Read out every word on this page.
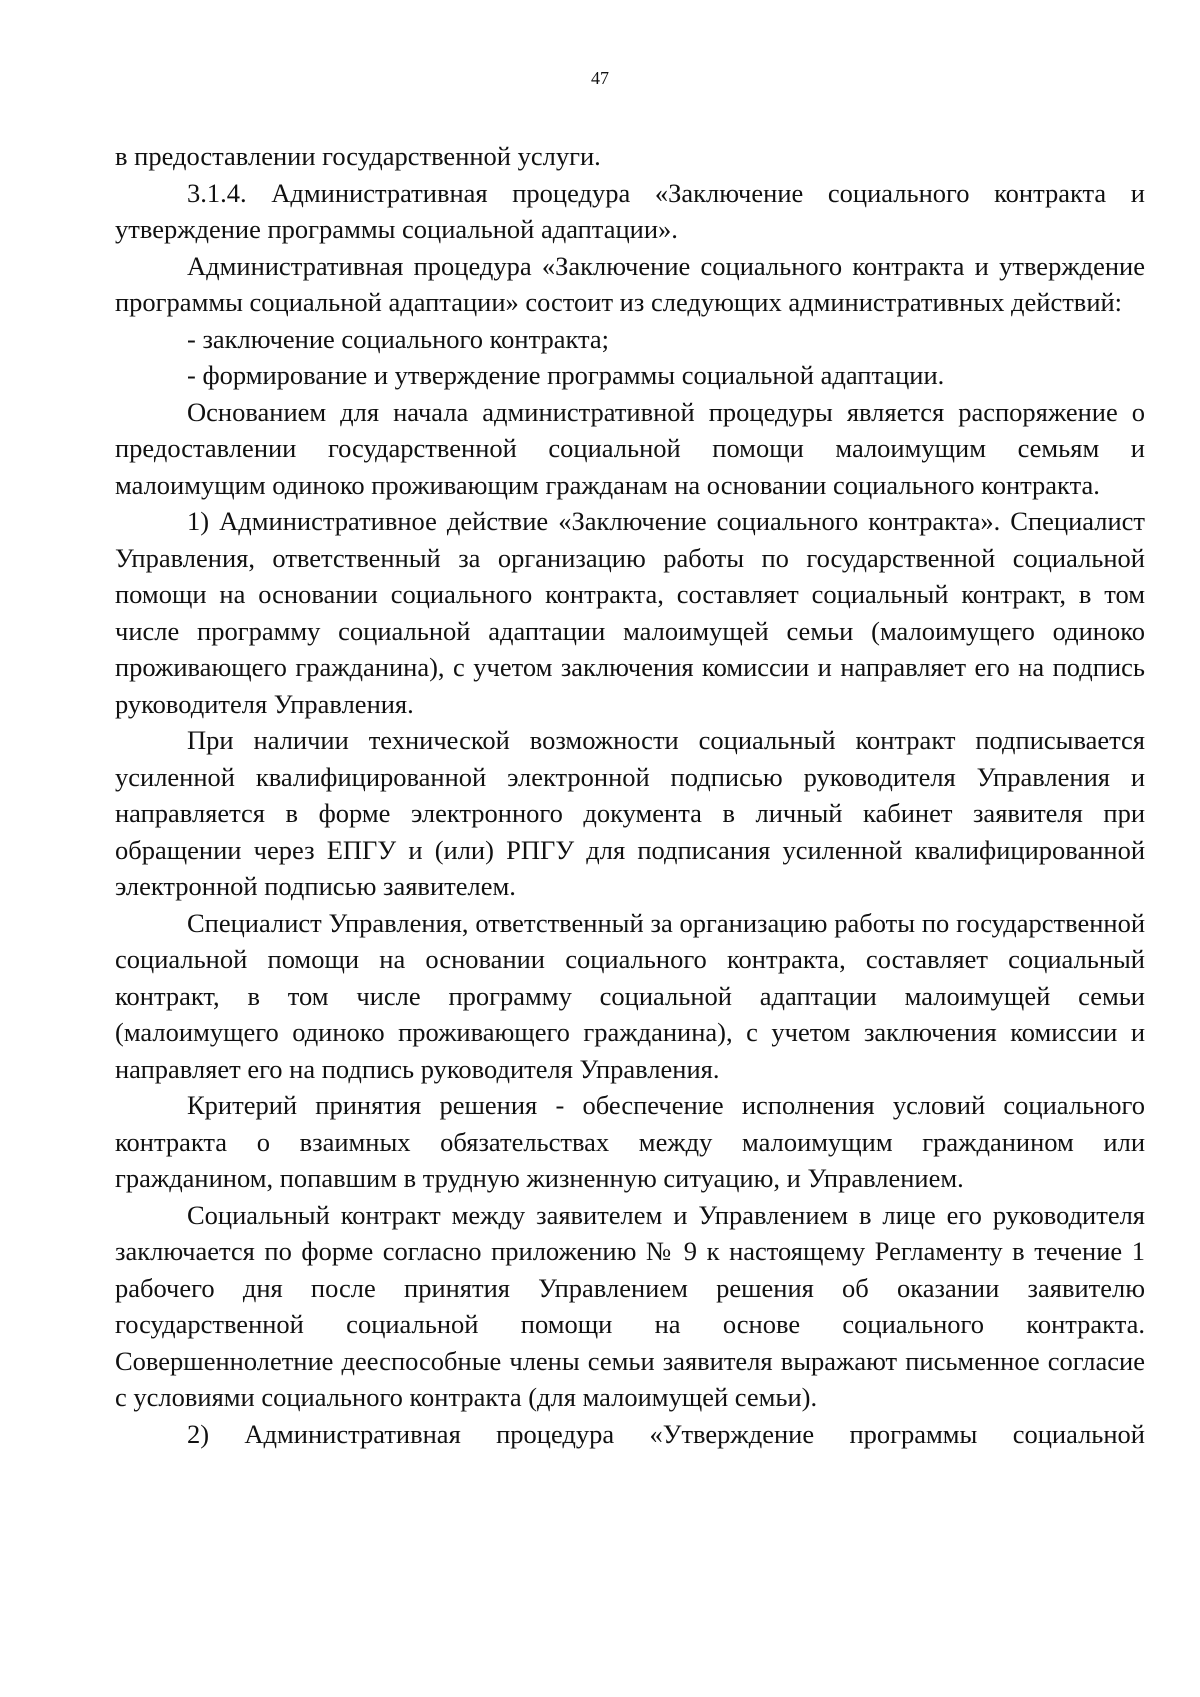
47

в предоставлении государственной услуги.

3.1.4. Административная процедура «Заключение социального контракта и утверждение программы социальной адаптации».

Административная процедура «Заключение социального контракта и утверждение программы социальной адаптации» состоит из следующих административных действий:

- заключение социального контракта;

- формирование и утверждение программы социальной адаптации.

Основанием для начала административной процедуры является распоряжение о предоставлении государственной социальной помощи малоимущим семьям и малоимущим одиноко проживающим гражданам на основании социального контракта.

1) Административное действие «Заключение социального контракта». Специалист Управления, ответственный за организацию работы по государственной социальной помощи на основании социального контракта, составляет социальный контракт, в том числе программу социальной адаптации малоимущей семьи (малоимущего одиноко проживающего гражданина), с учетом заключения комиссии и направляет его на подпись руководителя Управления.

При наличии технической возможности социальный контракт подписывается усиленной квалифицированной электронной подписью руководителя Управления и направляется в форме электронного документа в личный кабинет заявителя при обращении через ЕПГУ и (или) РПГУ для подписания усиленной квалифицированной электронной подписью заявителем.

Специалист Управления, ответственный за организацию работы по государственной социальной помощи на основании социального контракта, составляет социальный контракт, в том числе программу социальной адаптации малоимущей семьи (малоимущего одиноко проживающего гражданина), с учетом заключения комиссии и направляет его на подпись руководителя Управления.

Критерий принятия решения - обеспечение исполнения условий социального контракта о взаимных обязательствах между малоимущим гражданином или гражданином, попавшим в трудную жизненную ситуацию, и Управлением.

Социальный контракт между заявителем и Управлением в лице его руководителя заключается по форме согласно приложению № 9 к настоящему Регламенту в течение 1 рабочего дня после принятия Управлением решения об оказании заявителю государственной социальной помощи на основе социального контракта. Совершеннолетние дееспособные члены семьи заявителя выражают письменное согласие с условиями социального контракта (для малоимущей семьи).

2) Административная процедура «Утверждение программы социальной
